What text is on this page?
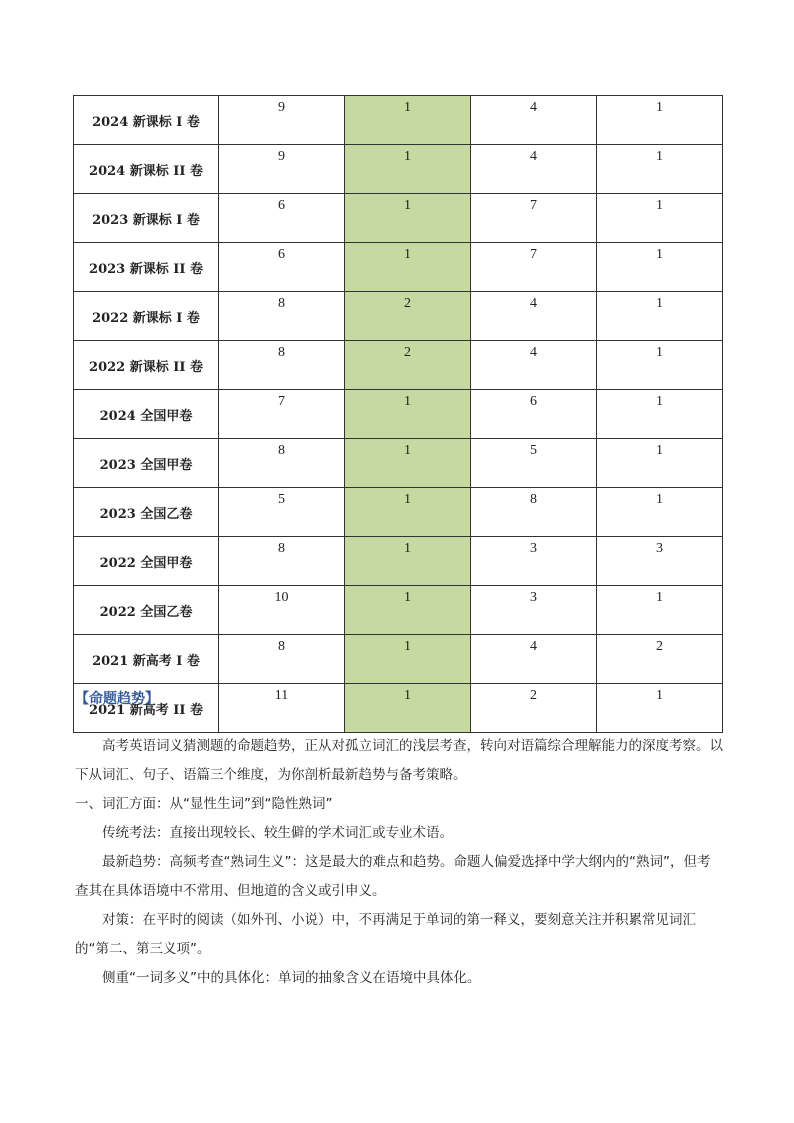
2024 新课标 I 卷	9	1	4	1
2024 新课标 II 卷	9	1	4	1
2023 新课标 I 卷	6	1	7	1
2023 新课标 II 卷	6	1	7	1
2022 新课标 I 卷	8	2	4	1
2022 新课标 II 卷	8	2	4	1
2024 全国甲卷	7	1	6	1
2023 全国甲卷	8	1	5	1
2023 全国乙卷	5	1	8	1
2022 全国甲卷	8	1	3	3
2022 全国乙卷	10	1	3	1
2021 新高考 I 卷	8	1	4	2
2021 新高考 II 卷	11	1	2	1
【命题趋势】
高考英语词义猜测题的命题趋势，正从对孤立词汇的浅层考查，转向对语篇综合理解能力的深度考察。以下从词汇、句子、语篇三个维度，为你剖析最新趋势与备考策略。
一、词汇方面：从“显性生词”到“隐性熟词”
传统考法：直接出现较长、较生僻的学术词汇或专业术语。
最新趋势：高频考查“熟词生义”：这是最大的难点和趋势。命题人偏爱选择中学大纲内的“熟词”，但考查其在具体语境中不常用、但地道的含义或引申义。
对策：在平时的阅读（如外刊、小说）中，不再满足于单词的第一释义，要刻意关注并积累常见词汇的“第二、第三义项”。
侧重“一词多义”中的具体化：单词的抽象含义在语境中具体化。
